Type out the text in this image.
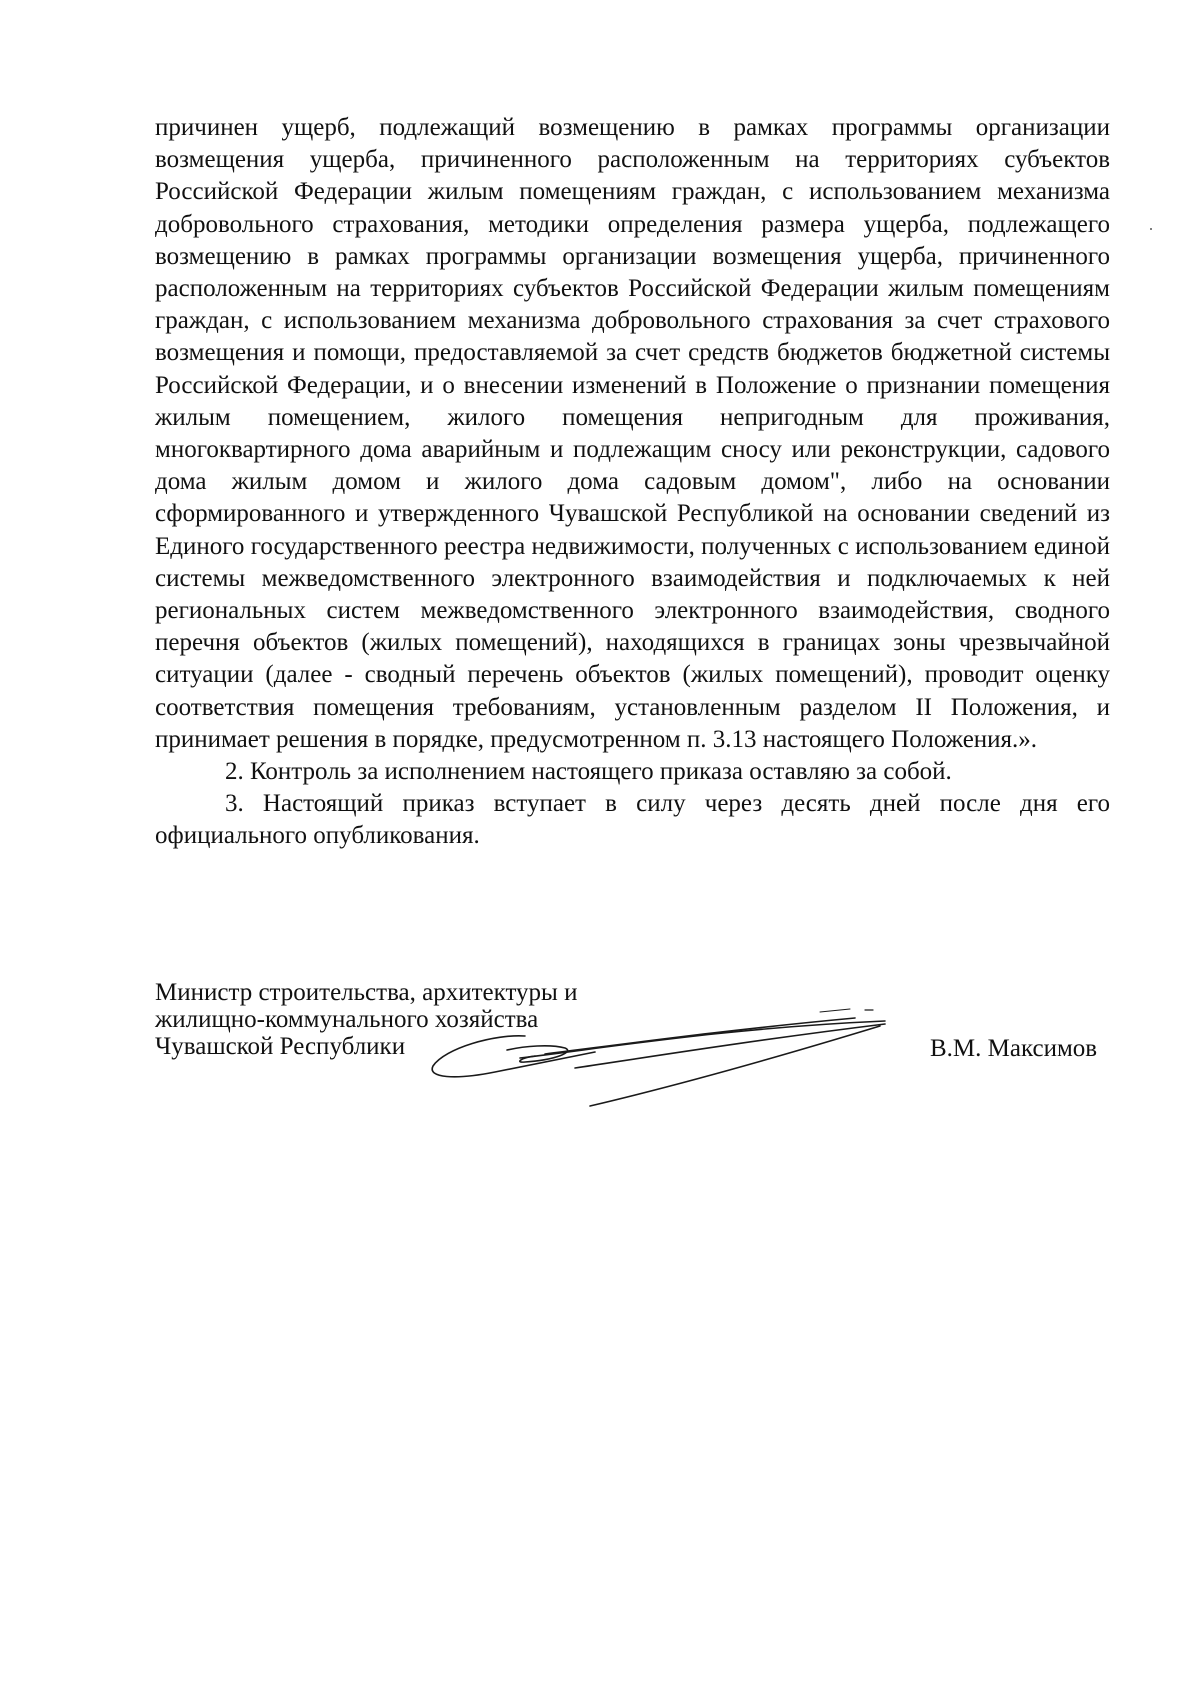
причинен ущерб, подлежащий возмещению в рамках программы организации возмещения ущерба, причиненного расположенным на территориях субъектов Российской Федерации жилым помещениям граждан, с использованием механизма добровольного страхования, методики определения размера ущерба, подлежащего возмещению в рамках программы организации возмещения ущерба, причиненного расположенным на территориях субъектов Российской Федерации жилым помещениям граждан, с использованием механизма добровольного страхования за счет страхового возмещения и помощи, предоставляемой за счет средств бюджетов бюджетной системы Российской Федерации, и о внесении изменений в Положение о признании помещения жилым помещением, жилого помещения непригодным для проживания, многоквартирного дома аварийным и подлежащим сносу или реконструкции, садового дома жилым домом и жилого дома садовым домом", либо на основании сформированного и утвержденного Чувашской Республикой на основании сведений из Единого государственного реестра недвижимости, полученных с использованием единой системы межведомственного электронного взаимодействия и подключаемых к ней региональных систем межведомственного электронного взаимодействия, сводного перечня объектов (жилых помещений), находящихся в границах зоны чрезвычайной ситуации (далее - сводный перечень объектов (жилых помещений), проводит оценку соответствия помещения требованиям, установленным разделом II Положения, и принимает решения в порядке, предусмотренном п. 3.13 настоящего Положения.».

2. Контроль за исполнением настоящего приказа оставляю за собой.

3. Настоящий приказ вступает в силу через десять дней после дня его официального опубликования.

Министр строительства, архитектуры и
жилищно-коммунального хозяйства
Чувашской Республики	В.М. Максимов
